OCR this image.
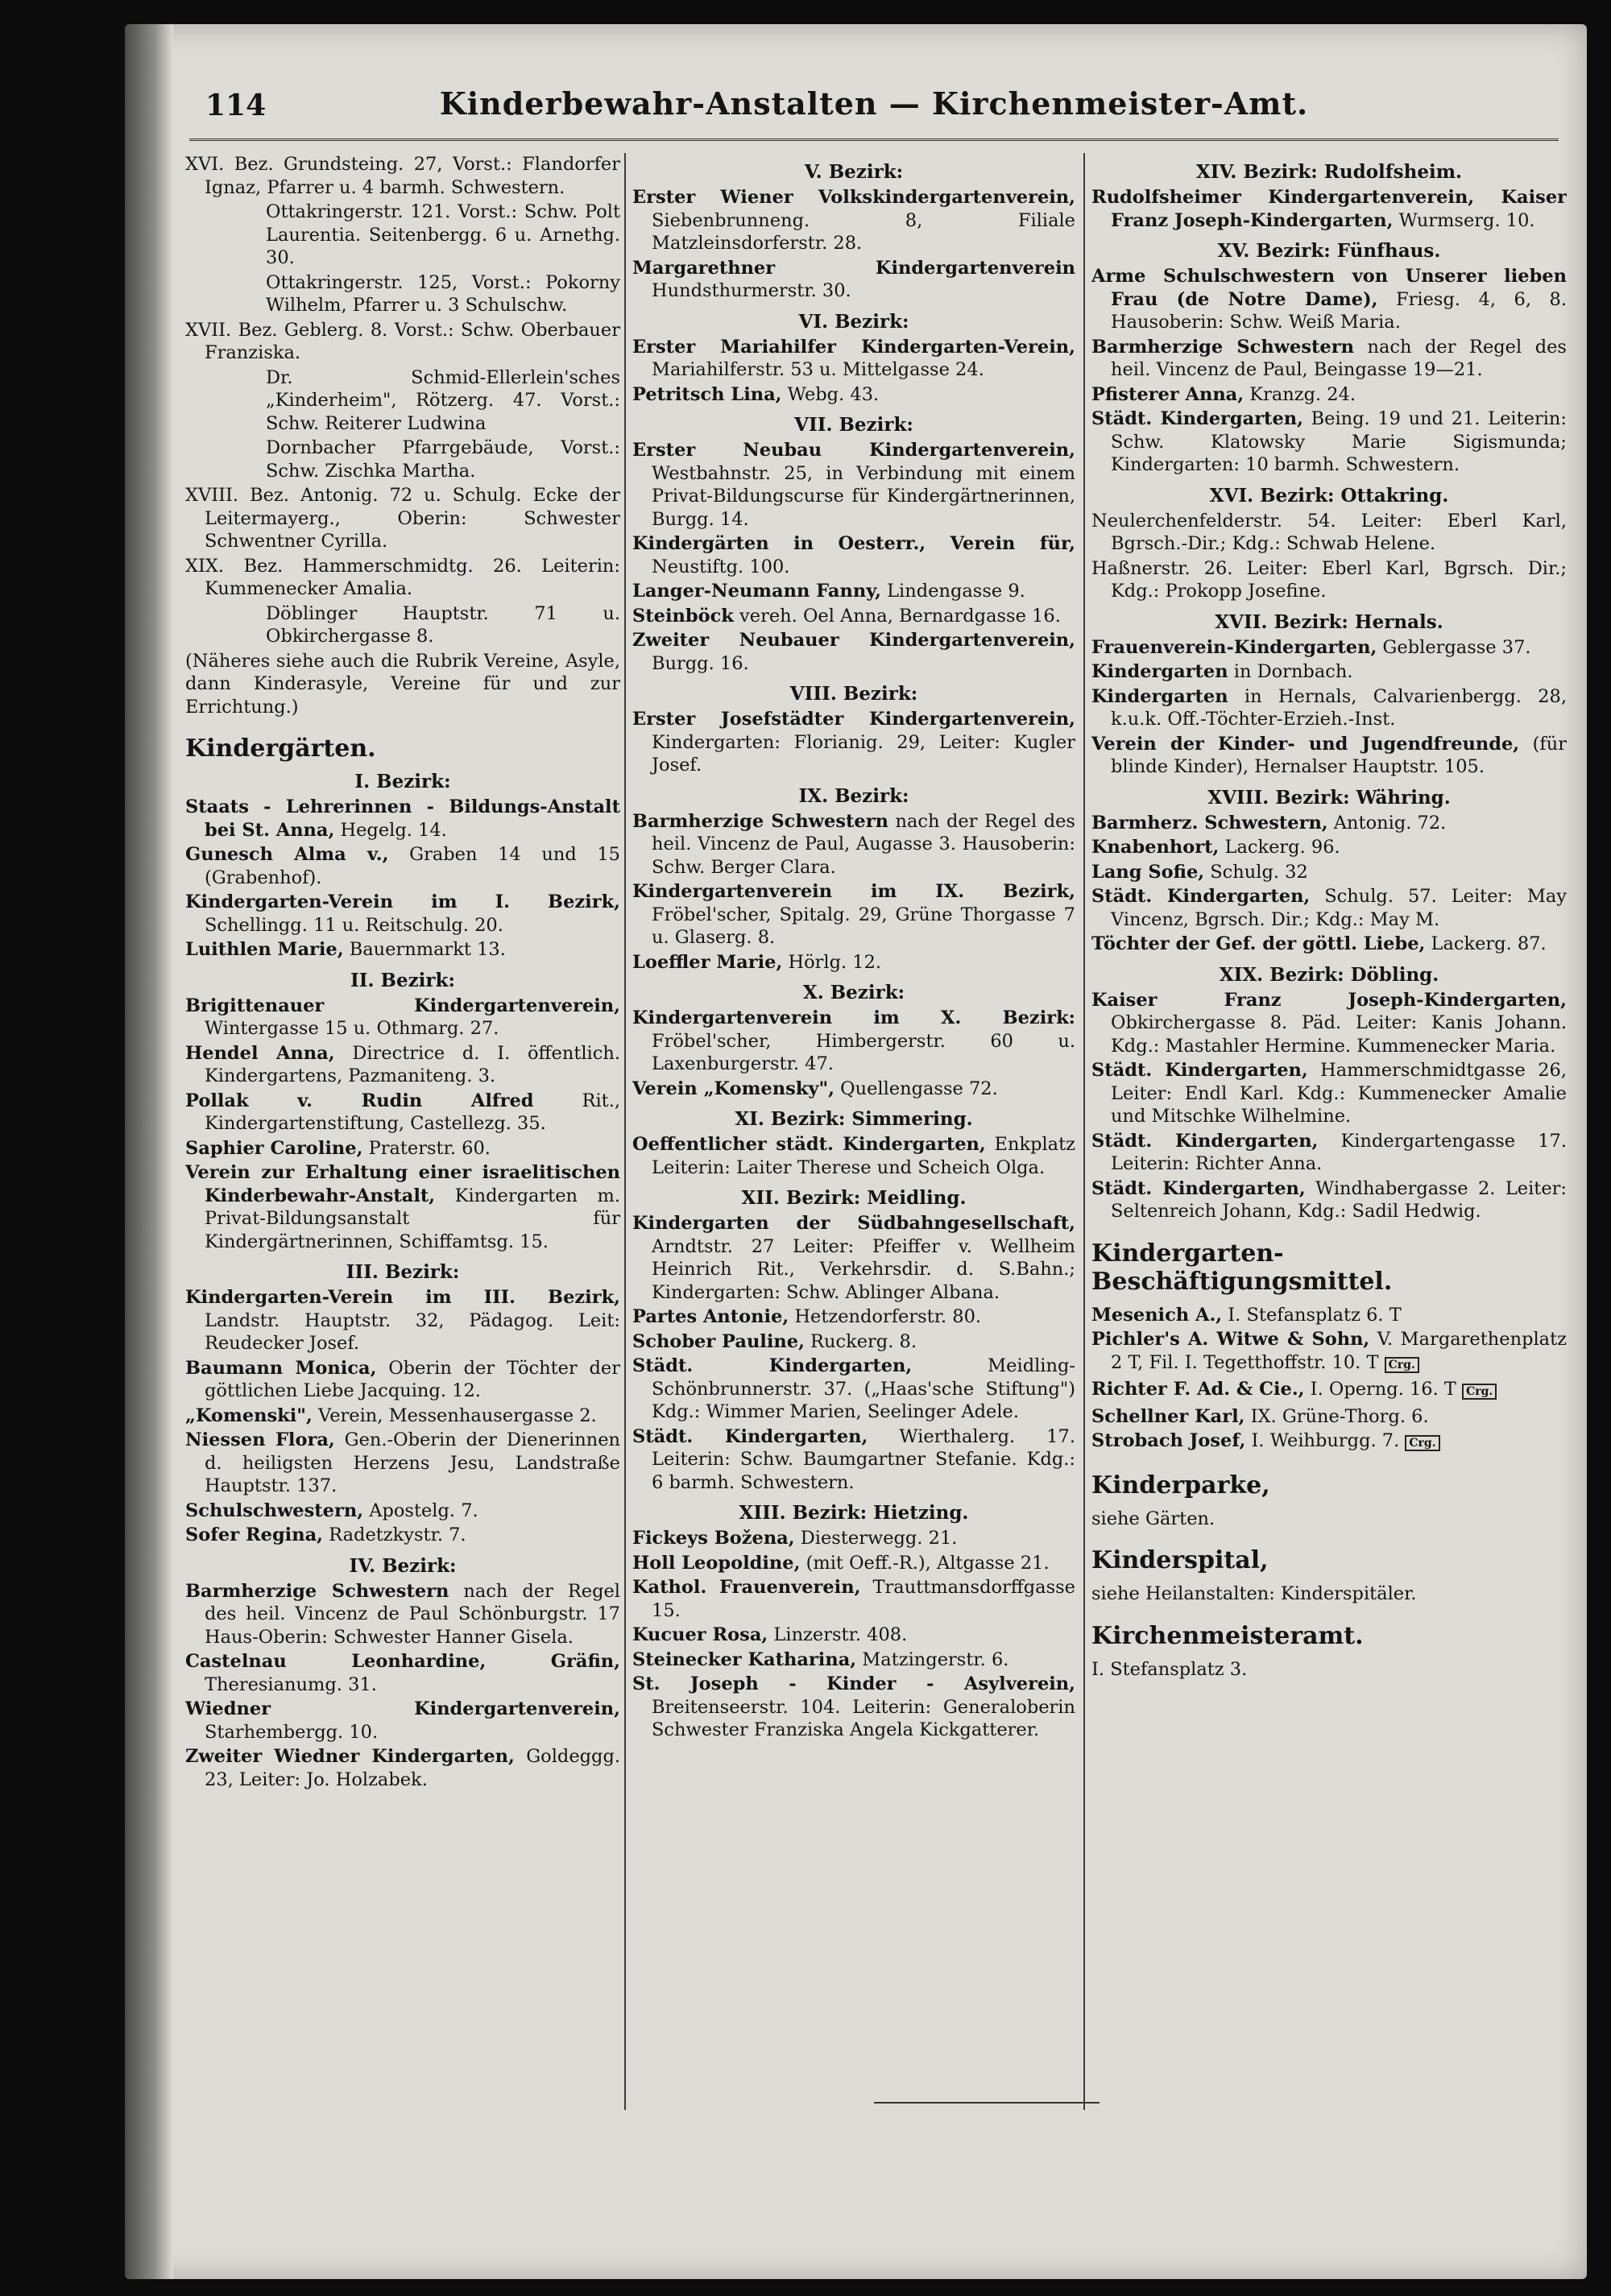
114	Kinderbewahr-Anstalten — Kirchenmeister-Amt.
XVI. Bez. Grundsteing. 27, Vorst.: Flandorfer Ignaz, Pfarrer u. 4 barmh. Schwestern.
Ottakringerstr. 121. Vorst.: Schw. Polt Laurentia. Seitenbergg. 6 u. Arnethg. 30.
Ottakringerstr. 125, Vorst.: Pokorny Wilhelm, Pfarrer u. 3 Schulschw.
XVII. Bez. Geblerg. 8. Vorst.: Schw. Oberbauer Franziska.
Dr. Schmid-Ellerlein'sches „Kinderheim", Rötzerg. 47. Vorst.: Schw. Reiterer Ludwina
Dornbacher Pfarrgebäude, Vorst.: Schw. Zischka Martha.
XVIII. Bez. Antonig. 72 u. Schulg. Ecke der Leitermayerg., Oberin: Schwester Schwentner Cyrilla.
XIX. Bez. Hammerschmidtg. 26. Leiterin: Kummenecker Amalia.
Döblinger Hauptstr. 71 u. Obkirchergasse 8.
(Näheres siehe auch die Rubrik Vereine, Asyle, dann Kinderasyle, Vereine für und zur Errichtung.)
Kindergärten.
I. Bezirk:
Staats - Lehrerinnen - Bildungs-Anstalt bei St. Anna, Hegelg. 14.
Gunesch Alma v., Graben 14 und 15 (Grabenhof).
Kindergarten-Verein im I. Bezirk, Schellingg. 11 u. Reitschulg. 20.
Luithlen Marie, Bauernmarkt 13.
II. Bezirk:
Brigittenauer Kindergartenverein, Wintergasse 15 u. Othmarg. 27.
Hendel Anna, Directrice d. I. öffentlich. Kindergartens, Pazmaniteng. 3.
Pollak v. Rudin Alfred Rit., Kindergartenstiftung, Castellezg. 35.
Saphier Caroline, Praterstr. 60.
Verein zur Erhaltung einer israelitischen Kinderbewahr-Anstalt, Kindergarten m. Privat-Bildungsanstalt für Kindergärtnerinnen, Schiffamtsg. 15.
III. Bezirk:
Kindergarten-Verein im III. Bezirk, Landstr. Hauptstr. 32, Pädagog. Leit: Reudecker Josef.
Baumann Monica, Oberin der Töchter der göttlichen Liebe Jacquing. 12.
„Komenski", Verein, Messenhausergasse 2.
Niessen Flora, Gen.-Oberin der Dienerinnen d. heiligsten Herzens Jesu, Landstraße Hauptstr. 137.
Schulschwestern, Apostelg. 7.
Sofer Regina, Radetzkystr. 7.
IV. Bezirk:
Barmherzige Schwestern nach der Regel des heil. Vincenz de Paul Schönburgstr. 17 Haus-Oberin: Schwester Hanner Gisela.
Castelnau Leonhardine, Gräfin, Theresianumg. 31.
Wiedner Kindergartenverein, Starhembergg. 10.
Zweiter Wiedner Kindergarten, Goldeggg. 23, Leiter: Jo. Holzabek.
V. Bezirk:
Erster Wiener Volkskindergartenverein, Siebenbrunneng. 8, Filiale Matzleinsdorferstr. 28.
Margarethner Kindergartenverein Hundsthurmerstr. 30.
VI. Bezirk:
Erster Mariahilfer Kindergarten-Verein, Mariahilferstr. 53 u. Mittelgasse 24.
Petritsch Lina, Webg. 43.
VII. Bezirk:
Erster Neubau Kindergartenverein, Westbahnstr. 25, in Verbindung mit einem Privat-Bildungscurse für Kindergärtnerinnen, Burgg. 14.
Kindergärten in Oesterr., Verein für, Neustiftg. 100.
Langer-Neumann Fanny, Lindengasse 9.
Steinböck vereh. Oel Anna, Bernardgasse 16.
Zweiter Neubauer Kindergartenverein, Burgg. 16.
VIII. Bezirk:
Erster Josefstädter Kindergartenverein, Kindergarten: Florianig. 29, Leiter: Kugler Josef.
IX. Bezirk:
Barmherzige Schwestern nach der Regel des heil. Vincenz de Paul, Augasse 3. Hausoberin: Schw. Berger Clara.
Kindergartenverein im IX. Bezirk, Fröbel'scher, Spitalg. 29, Grüne Thorgasse 7 u. Glaserg. 8.
Loeffler Marie, Hörlg. 12.
X. Bezirk:
Kindergartenverein im X. Bezirk: Fröbel'scher, Himbergerstr. 60 u. Laxenburgerstr. 47.
Verein „Komensky", Quellengasse 72.
XI. Bezirk: Simmering.
Oeffentlicher städt. Kindergarten, Enkplatz Leiterin: Laiter Therese und Scheich Olga.
XII. Bezirk: Meidling.
Kindergarten der Südbahngesellschaft, Arndtstr. 27 Leiter: Pfeiffer v. Wellheim Heinrich Rit., Verkehrsdir. d. S.Bahn.; Kindergarten: Schw. Ablinger Albana.
Partes Antonie, Hetzendorferstr. 80.
Schober Pauline, Ruckerg. 8.
Städt. Kindergarten, Meidling-Schönbrunnerstr. 37. („Haas'sche Stiftung") Kdg.: Wimmer Marien, Seelinger Adele.
Städt. Kindergarten, Wierthalerg. 17. Leiterin: Schw. Baumgartner Stefanie. Kdg.: 6 barmh. Schwestern.
XIII. Bezirk: Hietzing.
Fickeys Božena, Diesterwegg. 21.
Holl Leopoldine, (mit Oeff.-R.), Altgasse 21.
Kathol. Frauenverein, Trauttmansdorffgasse 15.
Kucuer Rosa, Linzerstr. 408.
Steinecker Katharina, Matzingerstr. 6.
St. Joseph - Kinder - Asylverein, Breitenseerstr. 104. Leiterin: Generaloberin Schwester Franziska Angela Kickgatterer.
XIV. Bezirk: Rudolfsheim.
Rudolfsheimer Kindergartenverein, Kaiser Franz Joseph-Kindergarten, Wurmserg. 10.
XV. Bezirk: Fünfhaus.
Arme Schulschwestern von Unserer lieben Frau (de Notre Dame), Friesg. 4, 6, 8. Hausoberin: Schw. Weiß Maria.
Barmherzige Schwestern nach der Regel des heil. Vincenz de Paul, Beingasse 19—21.
Pfisterer Anna, Kranzg. 24.
Städt. Kindergarten, Being. 19 und 21. Leiterin: Schw. Klatowsky Marie Sigismunda; Kindergarten: 10 barmh. Schwestern.
XVI. Bezirk: Ottakring.
Neulerchenfelderstr. 54. Leiter: Eberl Karl, Bgrsch.-Dir.; Kdg.: Schwab Helene.
Haßnerstr. 26. Leiter: Eberl Karl, Bgrsch. Dir.; Kdg.: Prokopp Josefine.
XVII. Bezirk: Hernals.
Frauenverein-Kindergarten, Geblergasse 37.
Kindergarten in Dornbach.
Kindergarten in Hernals, Calvarienbergg. 28, k.u.k. Off.-Töchter-Erzieh.-Inst.
Verein der Kinder- und Jugendfreunde, (für blinde Kinder), Hernalser Hauptstr. 105.
XVIII. Bezirk: Währing.
Barmherz. Schwestern, Antonig. 72.
Knabenhort, Lackerg. 96.
Lang Sofie, Schulg. 32
Städt. Kindergarten, Schulg. 57. Leiter: May Vincenz, Bgrsch. Dir.; Kdg.: May M.
Töchter der Gef. der göttl. Liebe, Lackerg. 87.
XIX. Bezirk: Döbling.
Kaiser Franz Joseph-Kindergarten, Obkirchergasse 8. Päd. Leiter: Kanis Johann. Kdg.: Mastahler Hermine. Kummenecker Maria.
Städt. Kindergarten, Hammerschmidtgasse 26, Leiter: Endl Karl. Kdg.: Kummenecker Amalie und Mitschke Wilhelmine.
Städt. Kindergarten, Kindergartengasse 17. Leiterin: Richter Anna.
Städt. Kindergarten, Windhabergasse 2. Leiter: Seltenreich Johann, Kdg.: Sadil Hedwig.
Kindergarten-Beschäftigungsmittel.
Mesenich A., I. Stefansplatz 6. T
Pichler's A. Witwe & Sohn, V. Margarethenplatz 2 T, Fil. I. Tegetthoffstr. 10. T Crg.
Richter F. Ad. & Cie., I. Operng. 16. T Crg.
Schellner Karl, IX. Grüne-Thorg. 6.
Strobach Josef, I. Weihburgg. 7. Crg.
Kinderparke,
siehe Gärten.
Kinderspital,
siehe Heilanstalten: Kinderspitäler.
Kirchenmeisteramt.
I. Stefansplatz 3.
